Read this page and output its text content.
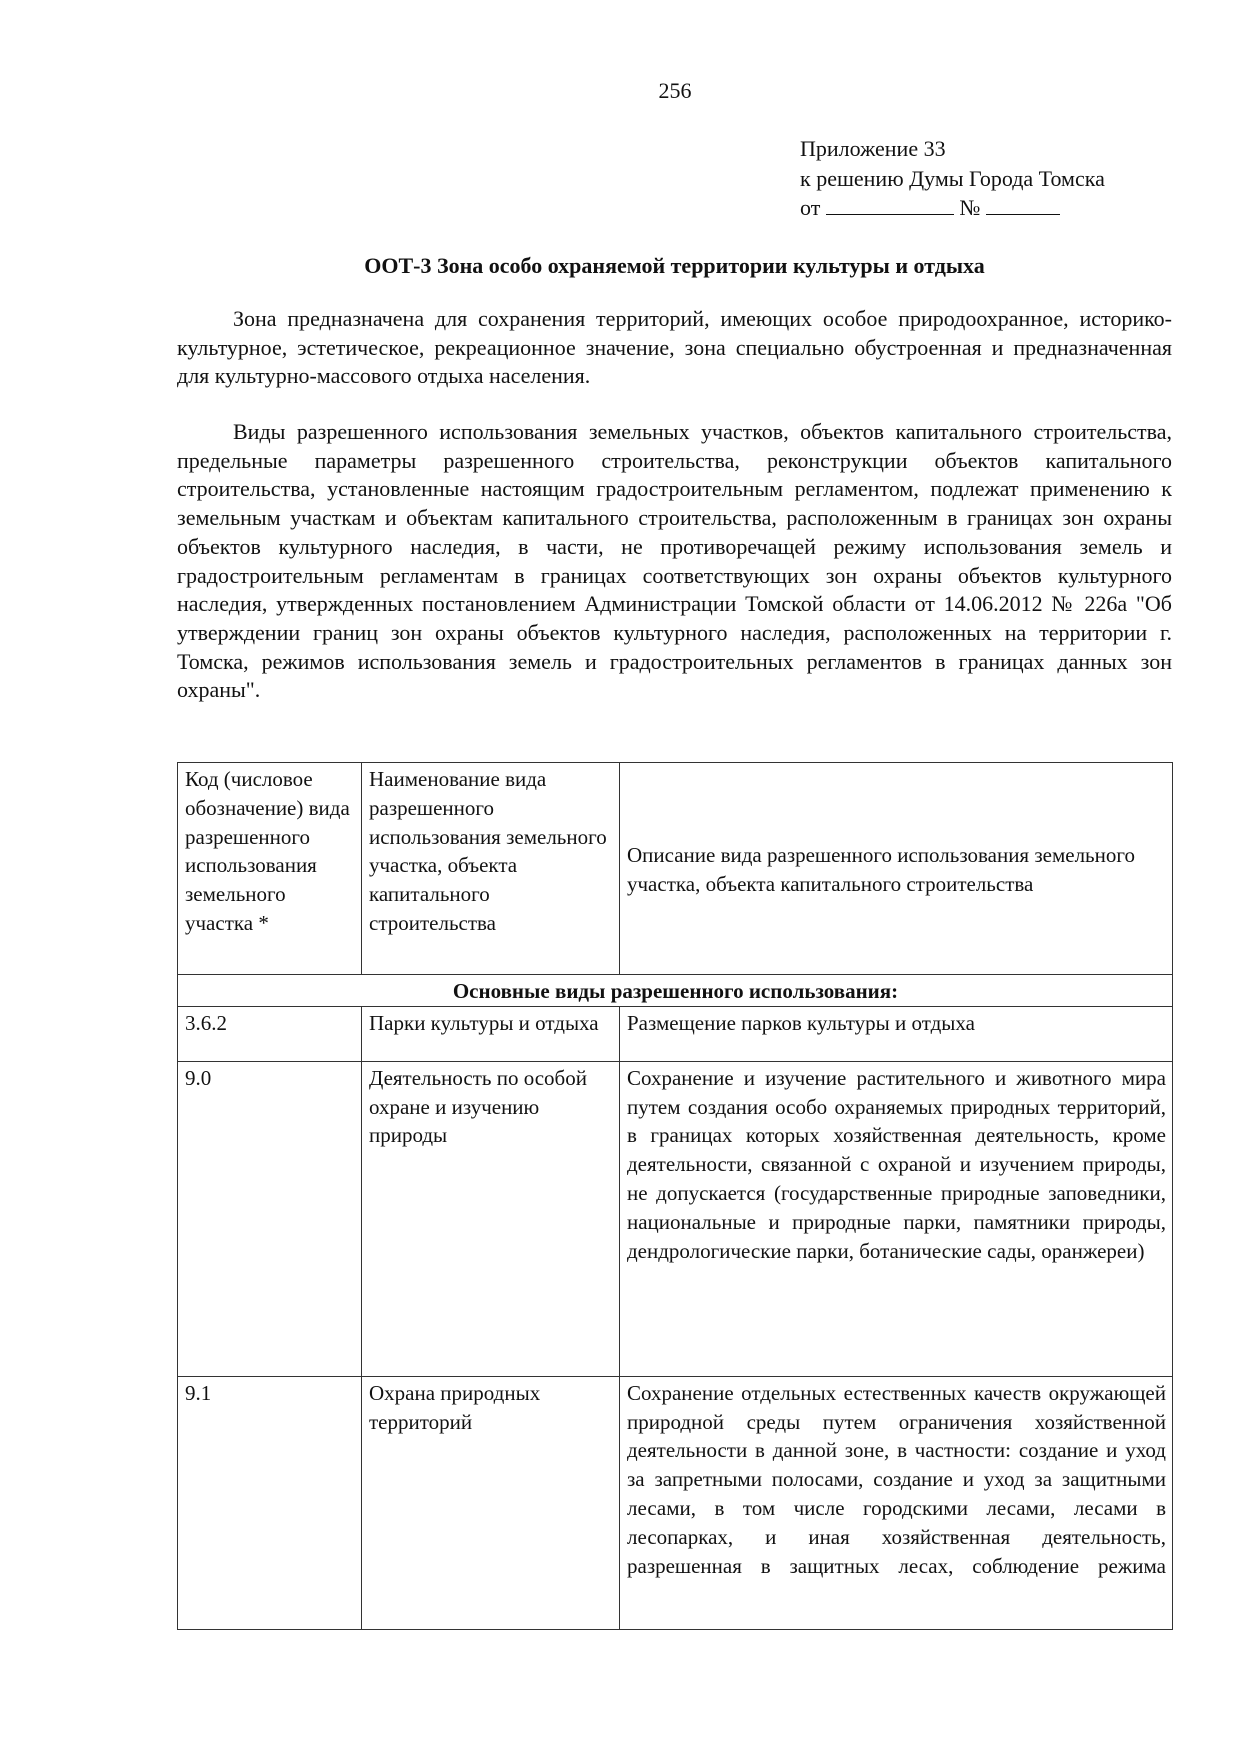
256
Приложение 33
к решению Думы Города Томска
от	№
ООТ-3 Зона особо охраняемой территории культуры и отдыха

Зона предназначена для сохранения территорий, имеющих особое природоохранное, историко-культурное, эстетическое, рекреационное значение, зона специально обустроенная и предназначенная для культурно-массового отдыха населения.

Виды разрешенного использования земельных участков, объектов капитального строительства, предельные параметры разрешенного строительства, реконструкции объектов капитального строительства, установленные настоящим градостроительным регламентом, подлежат применению к земельным участкам и объектам капитального строительства, расположенным в границах зон охраны объектов культурного наследия, в части, не противоречащей режиму использования земель и градостроительным регламентам в границах соответствующих зон охраны объектов культурного наследия, утвержденных постановлением Администрации Томской области от 14.06.2012 № 226а "Об утверждении границ зон охраны объектов культурного наследия, расположенных на территории г. Томска, режимов использования земель и градостроительных регламентов в границах данных зон охраны".

Код (числовое обозначение) вида разрешенного использования земельного участка *	Наименование вида разрешенного использования земельного участка, объекта капитального строительства	Описание вида разрешенного использования земельного участка, объекта капитального строительства
Основные виды разрешенного использования:		
3.6.2	Парки культуры и отдыха	Размещение парков культуры и отдыха
9.0	Деятельность по особой охране и изучению природы	Сохранение и изучение растительного и животного мира путем создания особо охраняемых природных территорий, в границах которых хозяйственная деятельность, кроме деятельности, связанной с охраной и изучением природы, не допускается (государственные природные заповедники, национальные и природные парки, памятники природы, дендрологические парки, ботанические сады, оранжереи)
9.1	Охрана природных территорий	Сохранение отдельных естественных качеств окружающей природной среды путем ограничения хозяйственной деятельности в данной зоне, в частности: создание и уход за запретными полосами, создание и уход за защитными лесами, в том числе городскими лесами, лесами в лесопарках, и иная хозяйственная деятельность, разрешенная в защитных лесах, соблюдение режима
